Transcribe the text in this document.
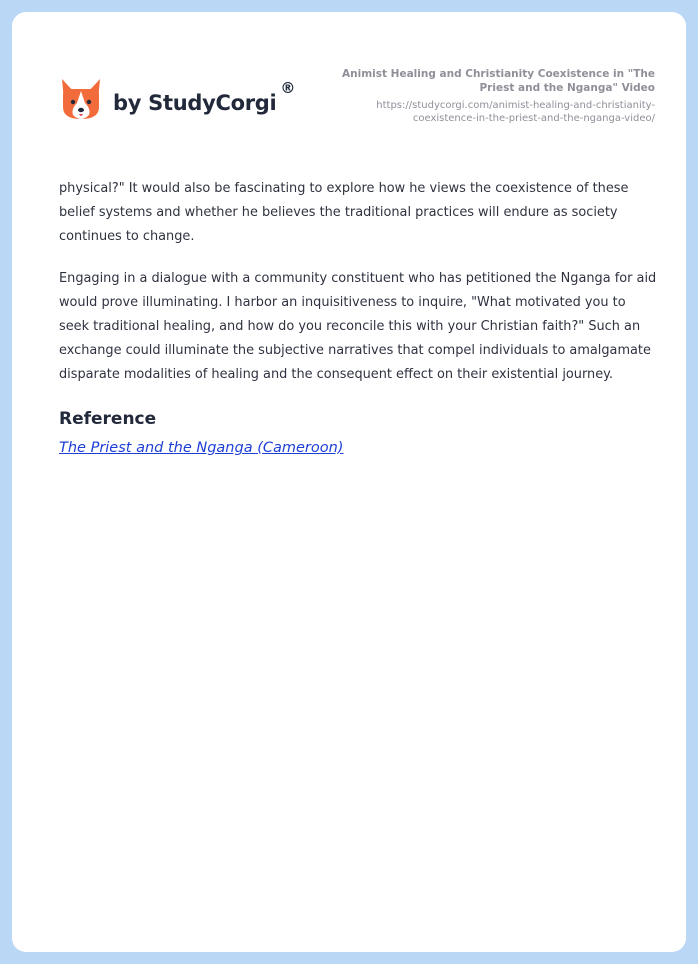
by StudyCorgi
®

Animist Healing and Christianity Coexistence in "The Priest and the Nganga" Video

https://studycorgi.com/animist-healing-and-christianity-coexistence-in-the-priest-and-the-nganga-video/

physical?" It would also be fascinating to explore how he views the coexistence of these belief systems and whether he believes the traditional practices will endure as society continues to change.

Engaging in a dialogue with a community constituent who has petitioned the Nganga for aid would prove illuminating. I harbor an inquisitiveness to inquire, "What motivated you to seek traditional healing, and how do you reconcile this with your Christian faith?" Such an exchange could illuminate the subjective narratives that compel individuals to amalgamate disparate modalities of healing and the consequent effect on their existential journey.

Reference
The Priest and the Nganga (Cameroon)
